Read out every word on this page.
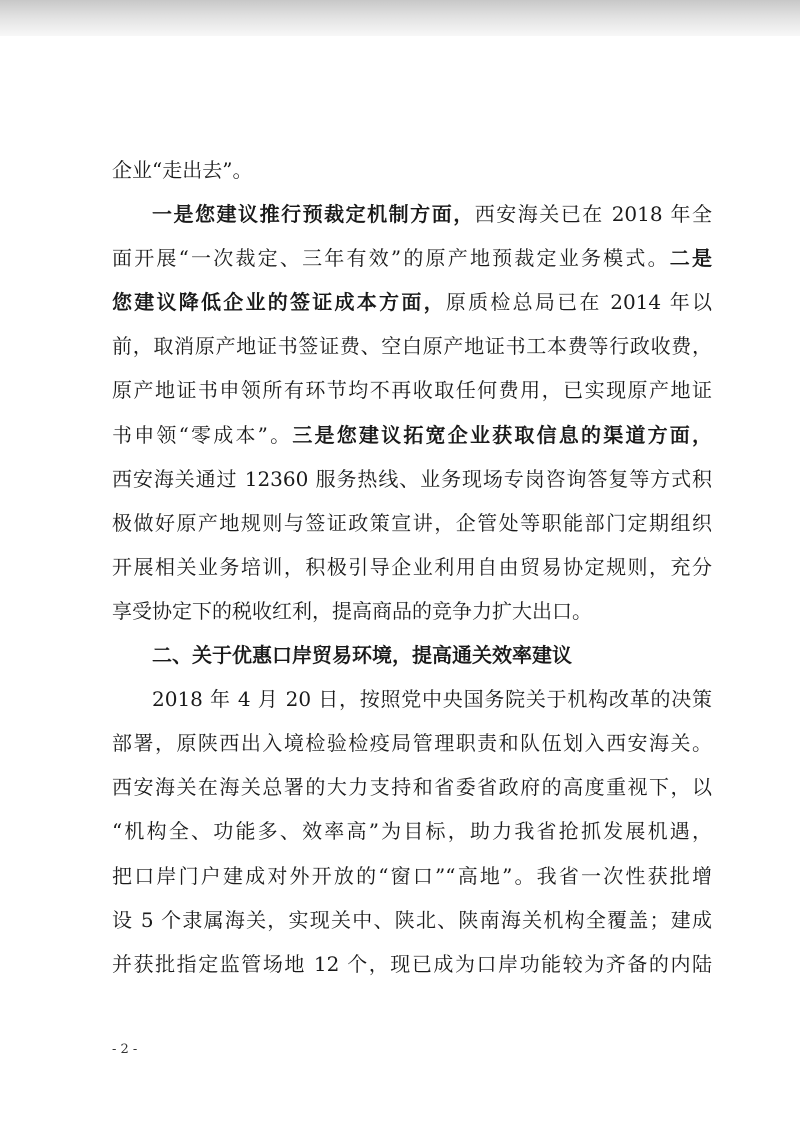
企业“走出去”。
一是您建议推行预裁定机制方面，西安海关已在 2018 年全
面开展“一次裁定、三年有效”的原产地预裁定业务模式。二是
您建议降低企业的签证成本方面，原质检总局已在 2014 年以
前，取消原产地证书签证费、空白原产地证书工本费等行政收费，
原产地证书申领所有环节均不再收取任何费用，已实现原产地证
书申领“零成本”。三是您建议拓宽企业获取信息的渠道方面，
西安海关通过 12360 服务热线、业务现场专岗咨询答复等方式积
极做好原产地规则与签证政策宣讲，企管处等职能部门定期组织
开展相关业务培训，积极引导企业利用自由贸易协定规则，充分
享受协定下的税收红利，提高商品的竞争力扩大出口。
二、关于优惠口岸贸易环境，提高通关效率建议
2018 年 4 月 20 日，按照党中央国务院关于机构改革的决策
部署，原陕西出入境检验检疫局管理职责和队伍划入西安海关。
西安海关在海关总署的大力支持和省委省政府的高度重视下，以
“机构全、功能多、效率高”为目标，助力我省抢抓发展机遇，
把口岸门户建成对外开放的“窗口”“高地”。我省一次性获批增
设 5 个隶属海关，实现关中、陕北、陕南海关机构全覆盖；建成
并获批指定监管场地 12 个，现已成为口岸功能较为齐备的内陆
- 2 -
